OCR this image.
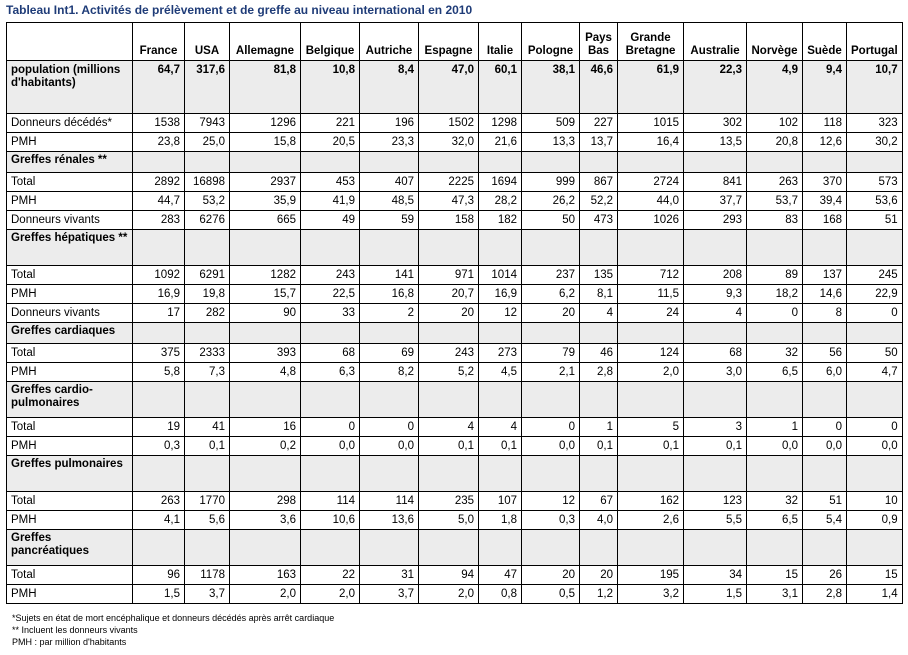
Tableau Int1. Activités de prélèvement et de greffe au niveau international en 2010
	France	USA	Allemagne	Belgique	Autriche	Espagne	Italie	Pologne	Pays Bas	Grande Bretagne	Australie	Norvège	Suède	Portugal
population (millions d'habitants)	64,7	317,6	81,8	10,8	8,4	47,0	60,1	38,1	46,6	61,9	22,3	4,9	9,4	10,7
Donneurs décédés*	1538	7943	1296	221	196	1502	1298	509	227	1015	302	102	118	323
PMH	23,8	25,0	15,8	20,5	23,3	32,0	21,6	13,3	13,7	16,4	13,5	20,8	12,6	30,2
Greffes rénales **														
Total	2892	16898	2937	453	407	2225	1694	999	867	2724	841	263	370	573
PMH	44,7	53,2	35,9	41,9	48,5	47,3	28,2	26,2	52,2	44,0	37,7	53,7	39,4	53,6
Donneurs vivants	283	6276	665	49	59	158	182	50	473	1026	293	83	168	51
Greffes hépatiques **														
Total	1092	6291	1282	243	141	971	1014	237	135	712	208	89	137	245
PMH	16,9	19,8	15,7	22,5	16,8	20,7	16,9	6,2	8,1	11,5	9,3	18,2	14,6	22,9
Donneurs vivants	17	282	90	33	2	20	12	20	4	24	4	0	8	0
Greffes cardiaques														
Total	375	2333	393	68	69	243	273	79	46	124	68	32	56	50
PMH	5,8	7,3	4,8	6,3	8,2	5,2	4,5	2,1	2,8	2,0	3,0	6,5	6,0	4,7
Greffes cardio-pulmonaires														
Total	19	41	16	0	0	4	4	0	1	5	3	1	0	0
PMH	0,3	0,1	0,2	0,0	0,0	0,1	0,1	0,0	0,1	0,1	0,1	0,0	0,0	0,0
Greffes pulmonaires														
Total	263	1770	298	114	114	235	107	12	67	162	123	32	51	10
PMH	4,1	5,6	3,6	10,6	13,6	5,0	1,8	0,3	4,0	2,6	5,5	6,5	5,4	0,9
Greffes pancréatiques														
Total	96	1178	163	22	31	94	47	20	20	195	34	15	26	15
PMH	1,5	3,7	2,0	2,0	3,7	2,0	0,8	0,5	1,2	3,2	1,5	3,1	2,8	1,4
*Sujets en état de mort encéphalique et donneurs décédés après arrêt cardiaque
** Incluent les donneurs vivants
PMH : par million d'habitants
